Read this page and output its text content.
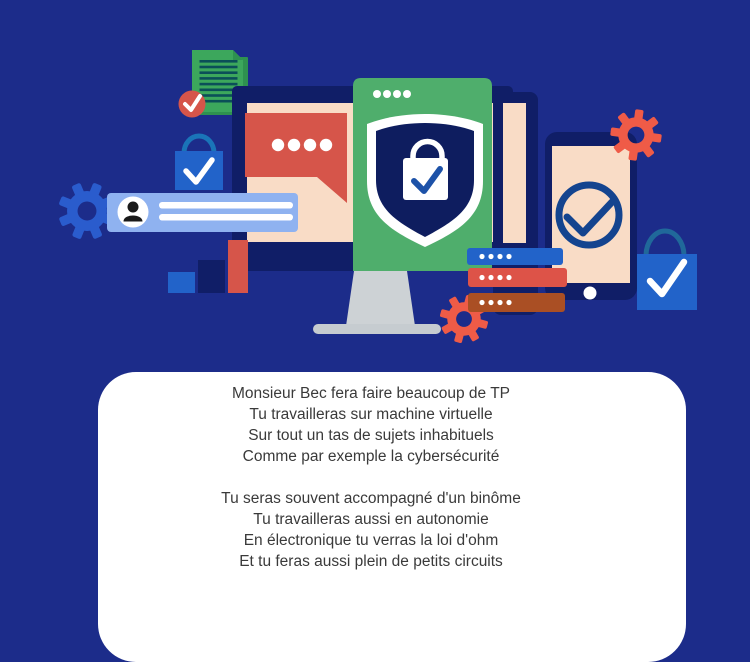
Monsieur Bec fera faire beaucoup de TP
Tu travailleras sur machine virtuelle
Sur tout un tas de sujets inhabituels
Comme par exemple la cybersécurité
Tu seras souvent accompagné d'un binôme
Tu travailleras aussi en autonomie
En électronique tu verras la loi d'ohm
Et tu feras aussi plein de petits circuits
